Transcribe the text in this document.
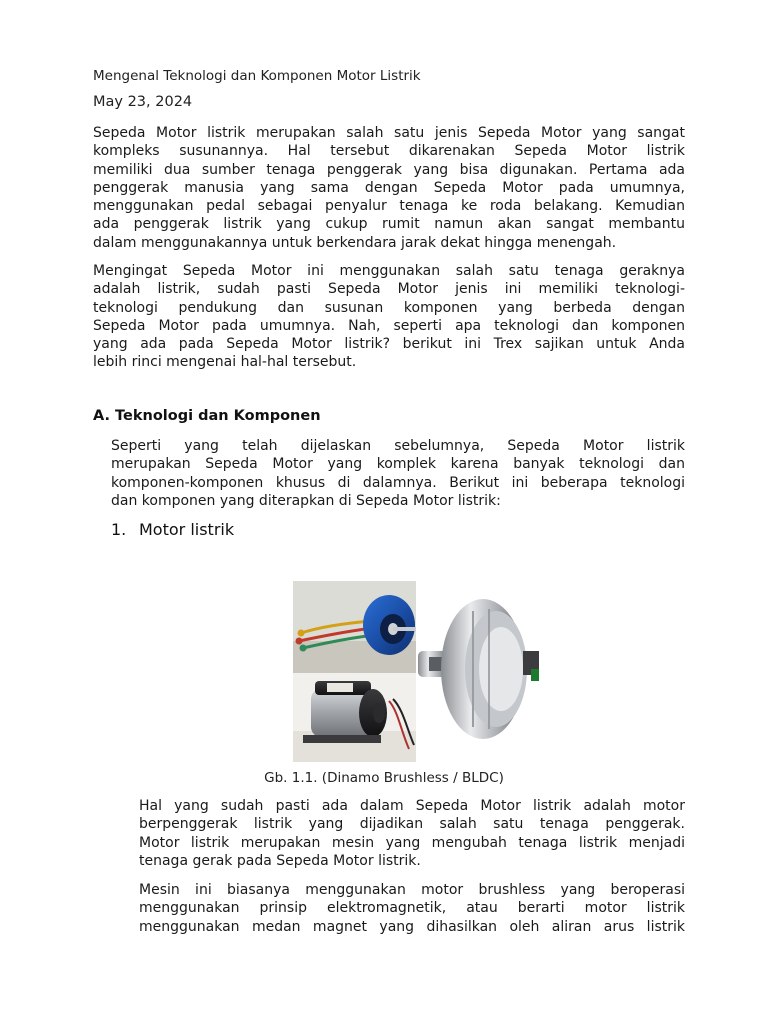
Mengenal Teknologi dan Komponen Motor Listrik
May 23, 2024
Sepeda Motor listrik merupakan salah satu jenis Sepeda Motor yang sangat
kompleks susunannya. Hal tersebut dikarenakan Sepeda Motor listrik
memiliki dua sumber tenaga penggerak yang bisa digunakan. Pertama ada
penggerak manusia yang sama dengan Sepeda Motor pada umumnya,
menggunakan pedal sebagai penyalur tenaga ke roda belakang. Kemudian
ada penggerak listrik yang cukup rumit namun akan sangat membantu
dalam menggunakannya untuk berkendara jarak dekat hingga menengah.
Mengingat Sepeda Motor ini menggunakan salah satu tenaga geraknya
adalah listrik, sudah pasti Sepeda Motor jenis ini memiliki teknologi-
teknologi pendukung dan susunan komponen yang berbeda dengan
Sepeda Motor pada umumnya. Nah, seperti apa teknologi dan komponen
yang ada pada Sepeda Motor listrik? berikut ini Trex sajikan untuk Anda
lebih rinci mengenai hal-hal tersebut.
A. Teknologi dan Komponen
Seperti yang telah dijelaskan sebelumnya, Sepeda Motor listrik
merupakan Sepeda Motor yang komplek karena banyak teknologi dan
komponen-komponen khusus di dalamnya. Berikut ini beberapa teknologi
dan komponen yang diterapkan di Sepeda Motor listrik:
1. Motor listrik
Gb. 1.1. (Dinamo Brushless / BLDC)
Hal yang sudah pasti ada dalam Sepeda Motor listrik adalah motor
berpenggerak listrik yang dijadikan salah satu tenaga penggerak.
Motor listrik merupakan mesin yang mengubah tenaga listrik menjadi
tenaga gerak pada Sepeda Motor listrik.
Mesin ini biasanya menggunakan motor brushless yang beroperasi
menggunakan prinsip elektromagnetik, atau berarti motor listrik
menggunakan medan magnet yang dihasilkan oleh aliran arus listrik
